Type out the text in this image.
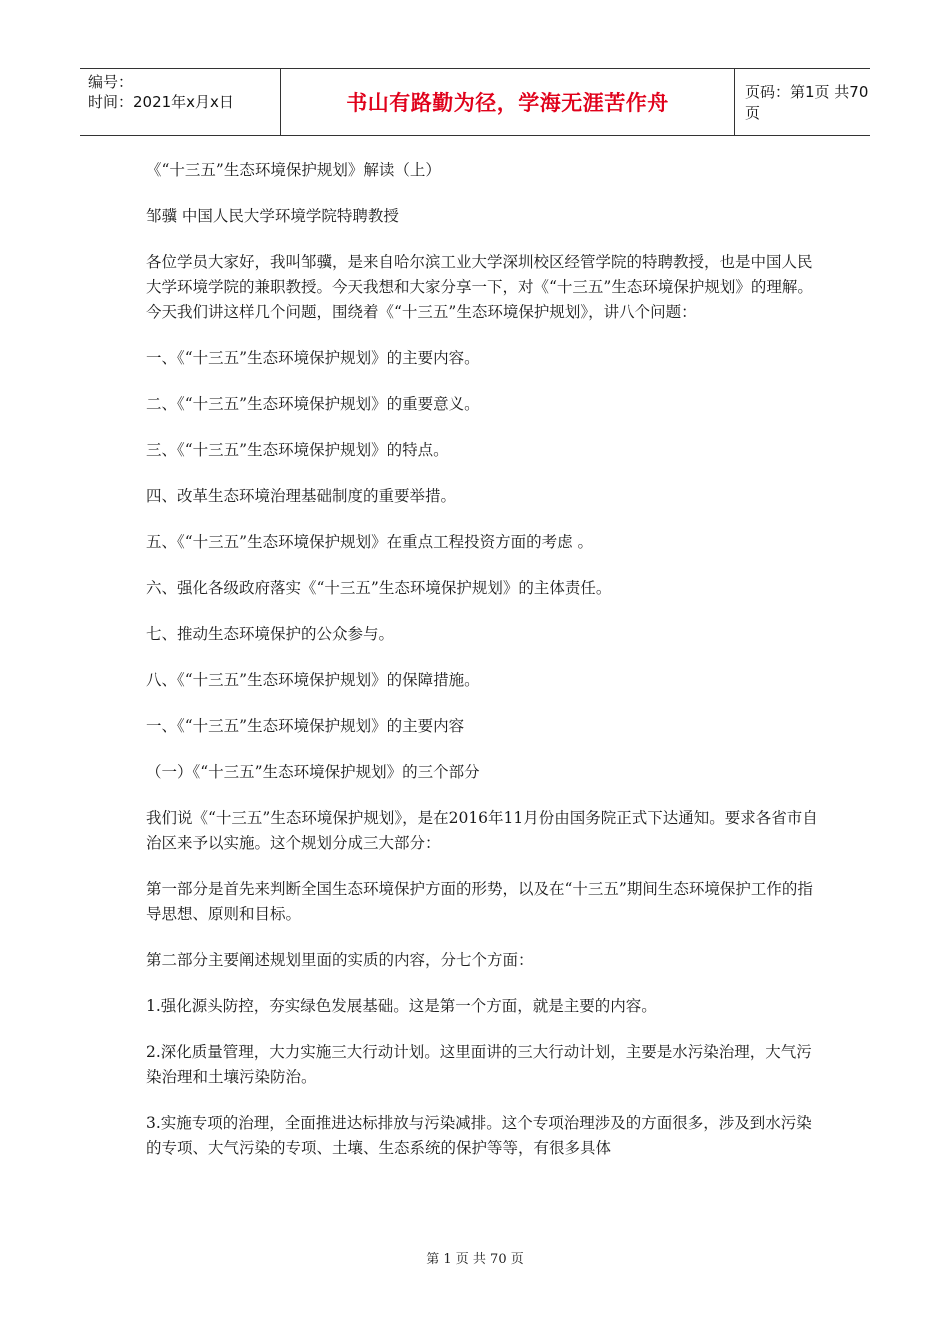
编号：
时间：2021年x月x日	书山有路勤为径，学海无涯苦作舟	页码：第1页 共70页

《“十三五”生态环境保护规划》解读（上）

邹骥 中国人民大学环境学院特聘教授

各位学员大家好，我叫邹骥，是来自哈尔滨工业大学深圳校区经管学院的特聘教授，也是中国人民大学环境学院的兼职教授。今天我想和大家分享一下，对《“十三五”生态环境保护规划》的理解。今天我们讲这样几个问题，围绕着《“十三五”生态环境保护规划》，讲八个问题：

一、《“十三五”生态环境保护规划》的主要内容。

二、《“十三五”生态环境保护规划》的重要意义。

三、《“十三五”生态环境保护规划》的特点。

四、改革生态环境治理基础制度的重要举措。

五、《“十三五”生态环境保护规划》在重点工程投资方面的考虑 。

六、强化各级政府落实《“十三五”生态环境保护规划》的主体责任。

七、推动生态环境保护的公众参与。

八、《“十三五”生态环境保护规划》的保障措施。

一、《“十三五”生态环境保护规划》的主要内容

（一）《“十三五”生态环境保护规划》的三个部分

我们说《“十三五”生态环境保护规划》，是在2016年11月份由国务院正式下达通知。要求各省市自治区来予以实施。这个规划分成三大部分：

第一部分是首先来判断全国生态环境保护方面的形势，以及在“十三五”期间生态环境保护工作的指导思想、原则和目标。

第二部分主要阐述规划里面的实质的内容，分七个方面：

1.强化源头防控，夯实绿色发展基础。这是第一个方面，就是主要的内容。

2.深化质量管理，大力实施三大行动计划。这里面讲的三大行动计划，主要是水污染治理，大气污染治理和土壤污染防治。

3.实施专项的治理，全面推进达标排放与污染减排。这个专项治理涉及的方面很多，涉及到水污染的专项、大气污染的专项、土壤、生态系统的保护等等，有很多具体

第 1 页 共 70 页
